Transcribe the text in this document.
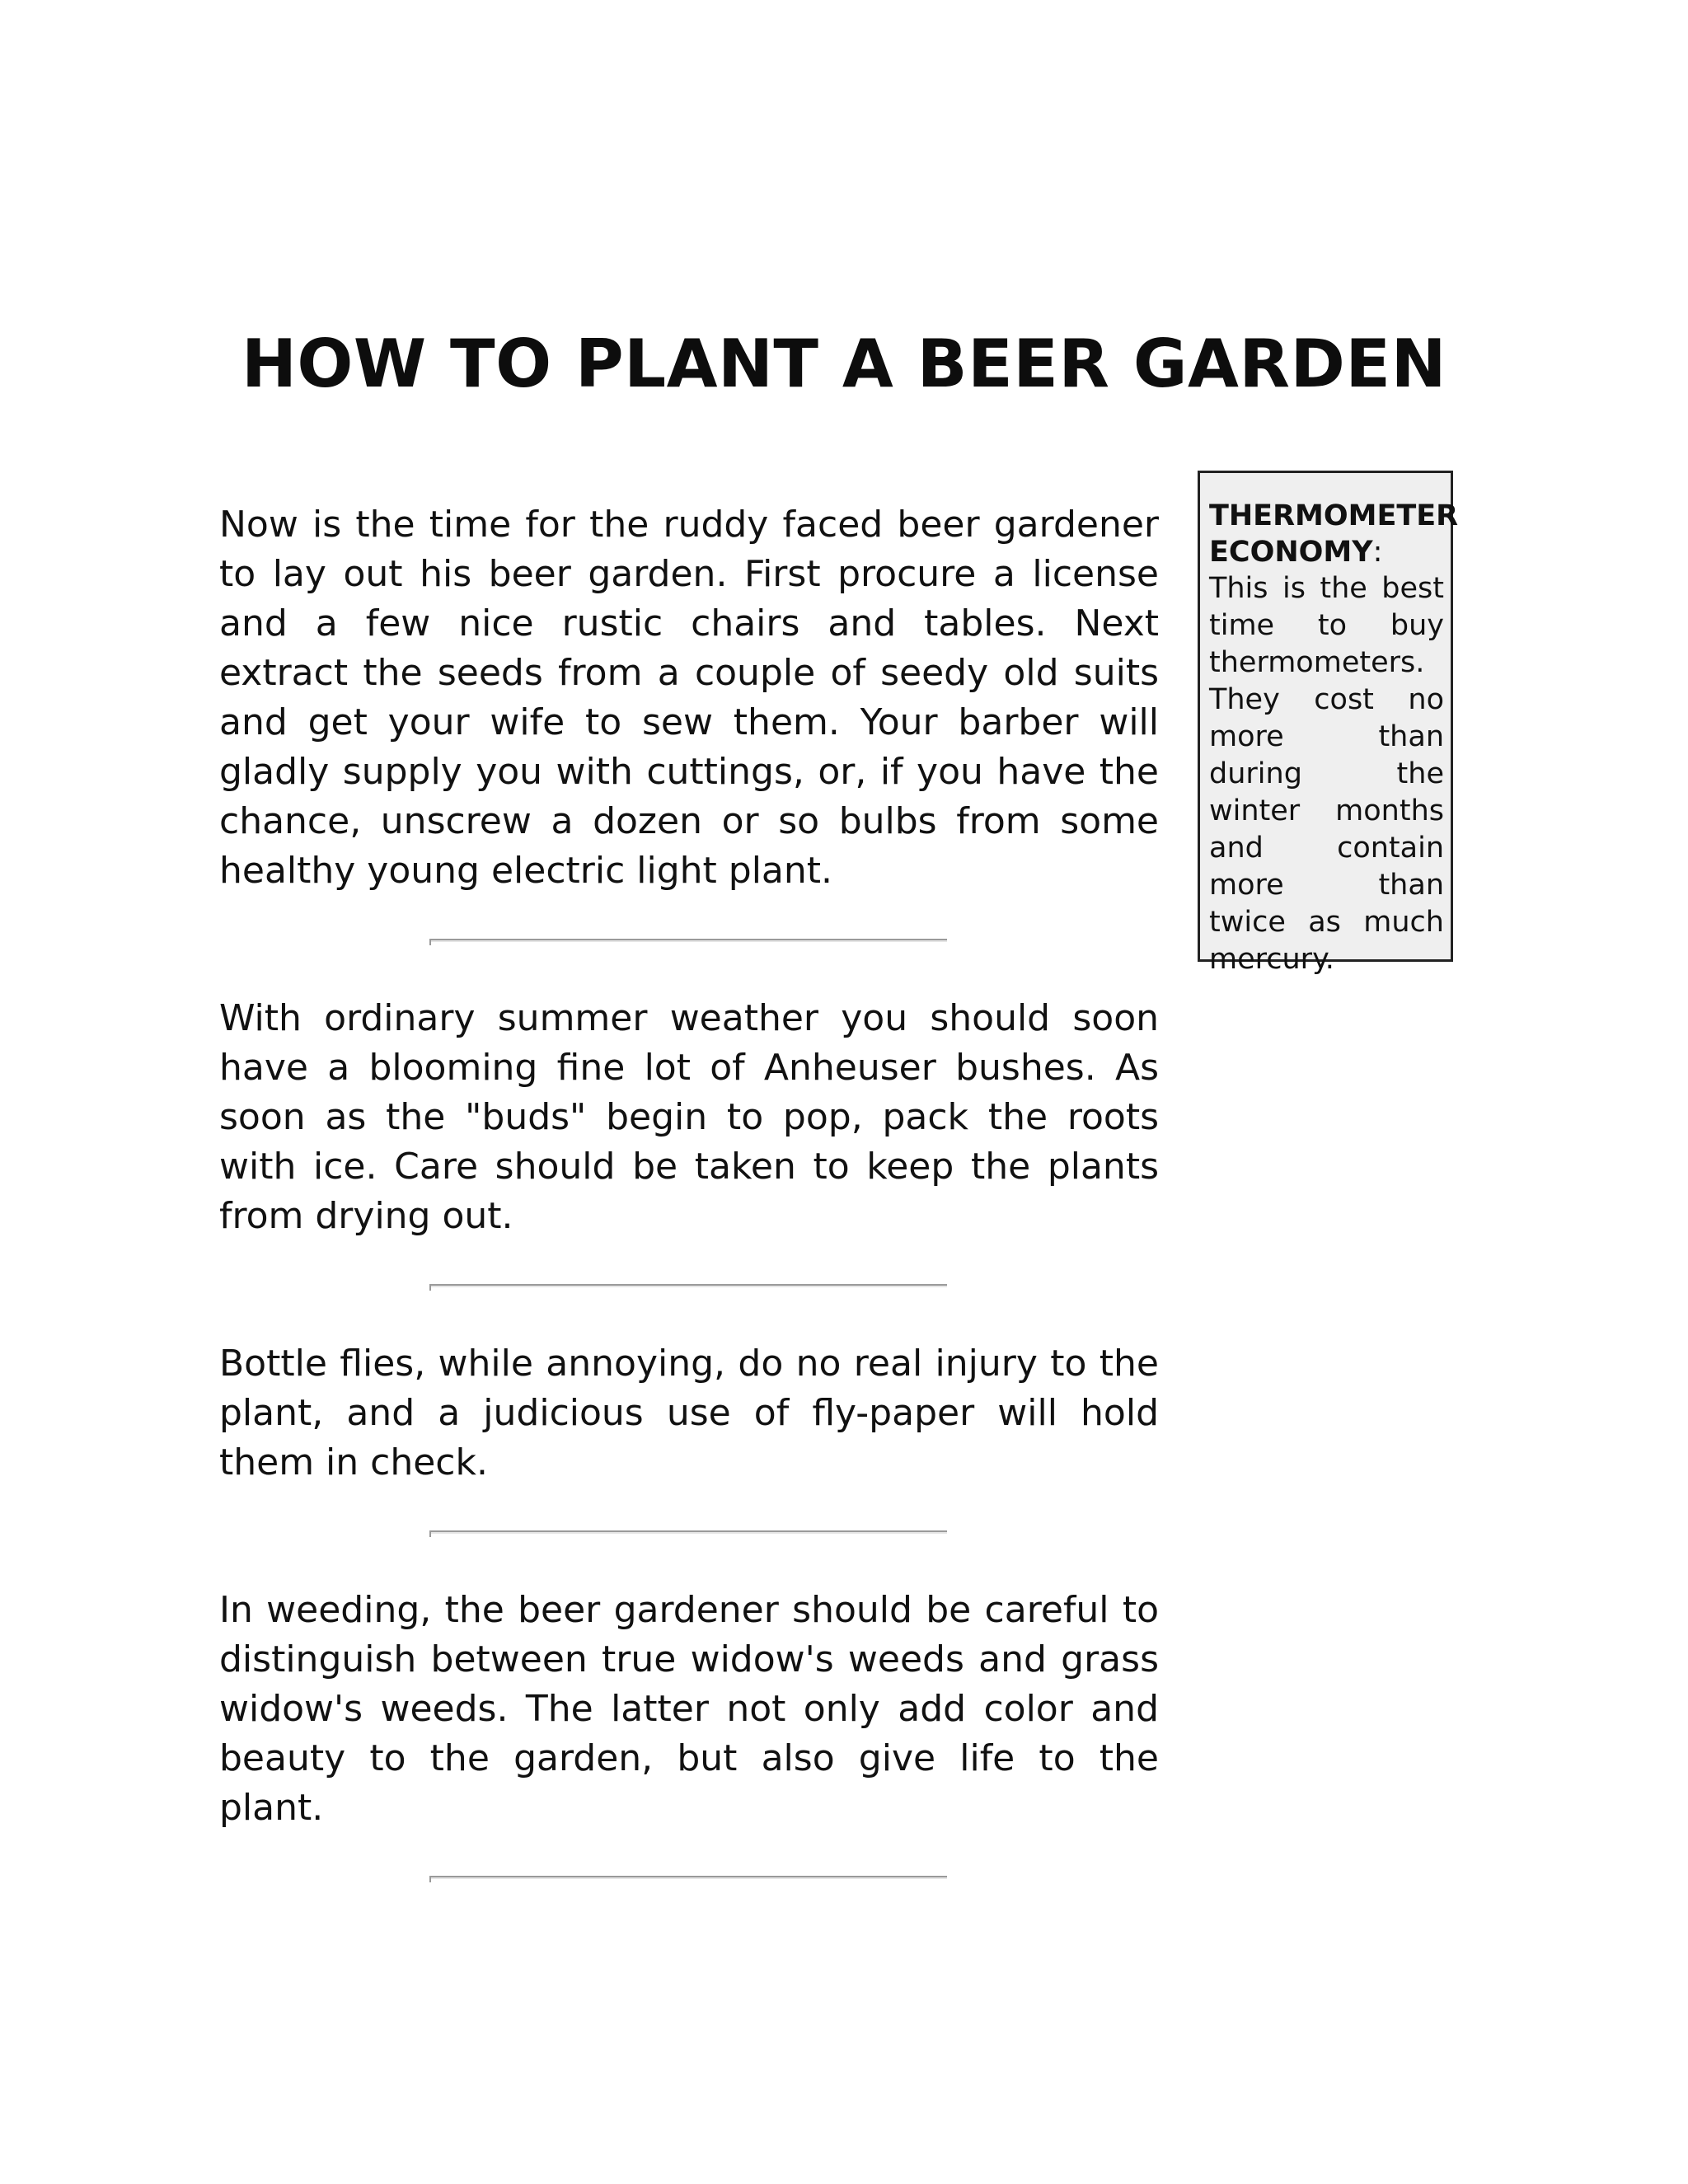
HOW TO PLANT A BEER GARDEN

Now is the time for the ruddy faced beer gardener to lay out his beer garden. First procure a license and a few nice rustic chairs and tables. Next extract the seeds from a couple of seedy old suits and get your wife to sew them. Your barber will gladly supply you with cuttings, or, if you have the chance, unscrew a dozen or so bulbs from some healthy young electric light plant.

With ordinary summer weather you should soon have a blooming fine lot of Anheuser bushes. As soon as the "buds" begin to pop, pack the roots with ice. Care should be taken to keep the plants from drying out.

Bottle flies, while annoying, do no real injury to the plant, and a judicious use of fly-paper will hold them in check.

In weeding, the beer gardener should be careful to distinguish between true widow's weeds and grass widow's weeds. The latter not only add color and beauty to the garden, but also give life to the plant.

THERMOMETER ECONOMY:

This is the best time to buy thermometers. They cost no more than during the winter months and contain more than twice as much mercury.
